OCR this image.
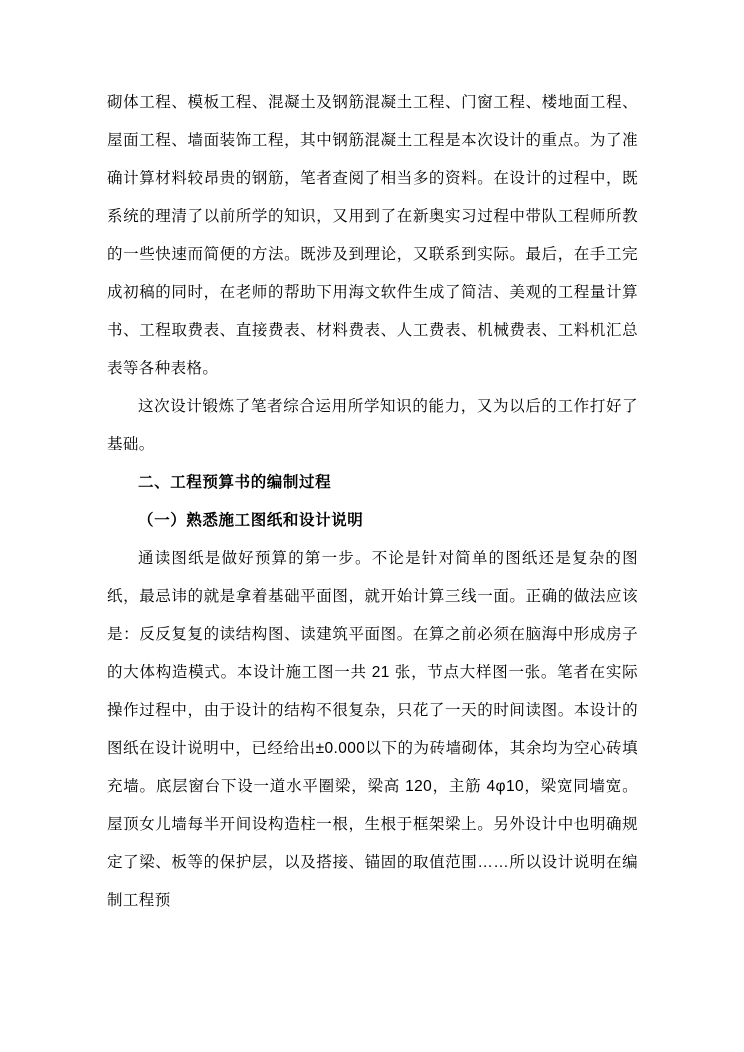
砌体工程、模板工程、混凝土及钢筋混凝土工程、门窗工程、楼地面工程、屋面工程、墙面装饰工程，其中钢筋混凝土工程是本次设计的重点。为了准确计算材料较昂贵的钢筋，笔者查阅了相当多的资料。在设计的过程中，既系统的理清了以前所学的知识，又用到了在新奥实习过程中带队工程师所教的一些快速而简便的方法。既涉及到理论，又联系到实际。最后，在手工完成初稿的同时，在老师的帮助下用海文软件生成了简洁、美观的工程量计算书、工程取费表、直接费表、材料费表、人工费表、机械费表、工料机汇总表等各种表格。

这次设计锻炼了笔者综合运用所学知识的能力，又为以后的工作打好了基础。

二、工程预算书的编制过程

（一）熟悉施工图纸和设计说明

通读图纸是做好预算的第一步。不论是针对简单的图纸还是复杂的图纸，最忌讳的就是拿着基础平面图，就开始计算三线一面。正确的做法应该是：反反复复的读结构图、读建筑平面图。在算之前必须在脑海中形成房子的大体构造模式。本设计施工图一共 21 张，节点大样图一张。笔者在实际操作过程中，由于设计的结构不很复杂，只花了一天的时间读图。本设计的图纸在设计说明中，已经给出±0.000以下的为砖墙砌体，其余均为空心砖填充墙。底层窗台下设一道水平圈梁，梁高 120，主筋 4φ10，梁宽同墙宽。屋顶女儿墙每半开间设构造柱一根，生根于框架梁上。另外设计中也明确规定了梁、板等的保护层，以及搭接、锚固的取值范围……所以设计说明在编制工程预
